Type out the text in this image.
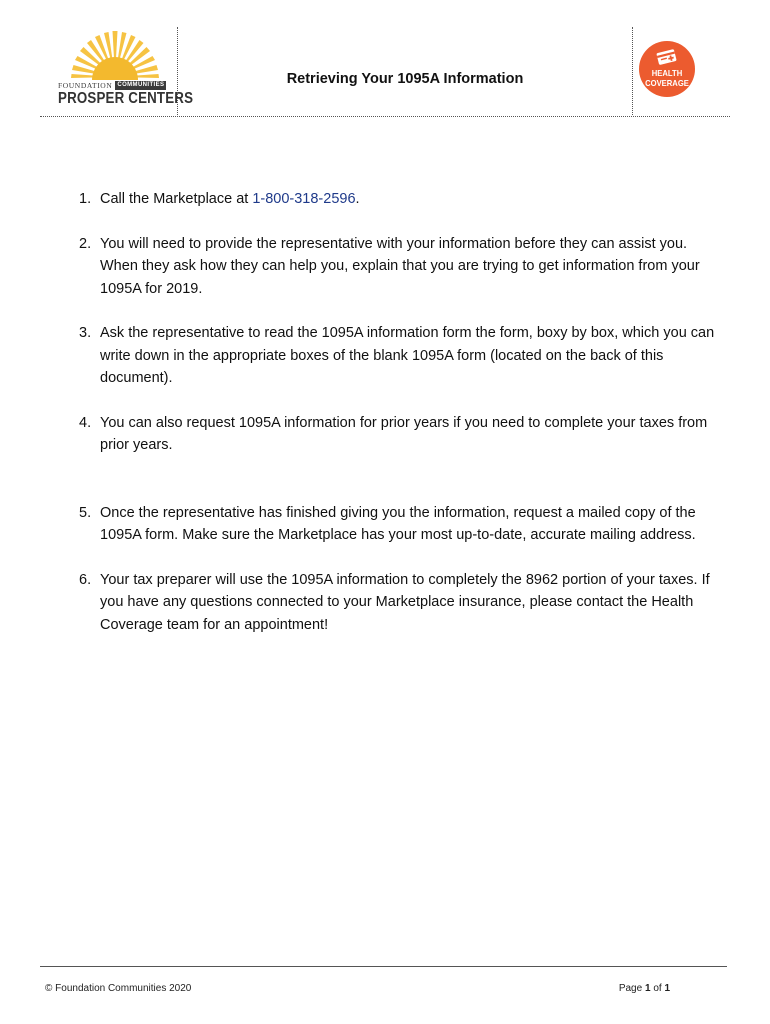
FOUNDATION COMMUNITIES
PROSPER CENTERS
Retrieving Your 1095A Information	HEALTH
COVERAGE
1. Call the Marketplace at 1-800-318-2596.
2. You will need to provide the representative with your information before they can assist you. When they ask how they can help you, explain that you are trying to get information from your 1095A for 2019.
3. Ask the representative to read the 1095A information form the form, boxy by box, which you can write down in the appropriate boxes of the blank 1095A form (located on the back of this document).
4. You can also request 1095A information for prior years if you need to complete your taxes from prior years.
5. Once the representative has finished giving you the information, request a mailed copy of the 1095A form. Make sure the Marketplace has your most up-to-date, accurate mailing address.
6. Your tax preparer will use the 1095A information to completely the 8962 portion of your taxes. If you have any questions connected to your Marketplace insurance, please contact the Health Coverage team for an appointment!
© Foundation Communities 2020	Page 1 of 1
